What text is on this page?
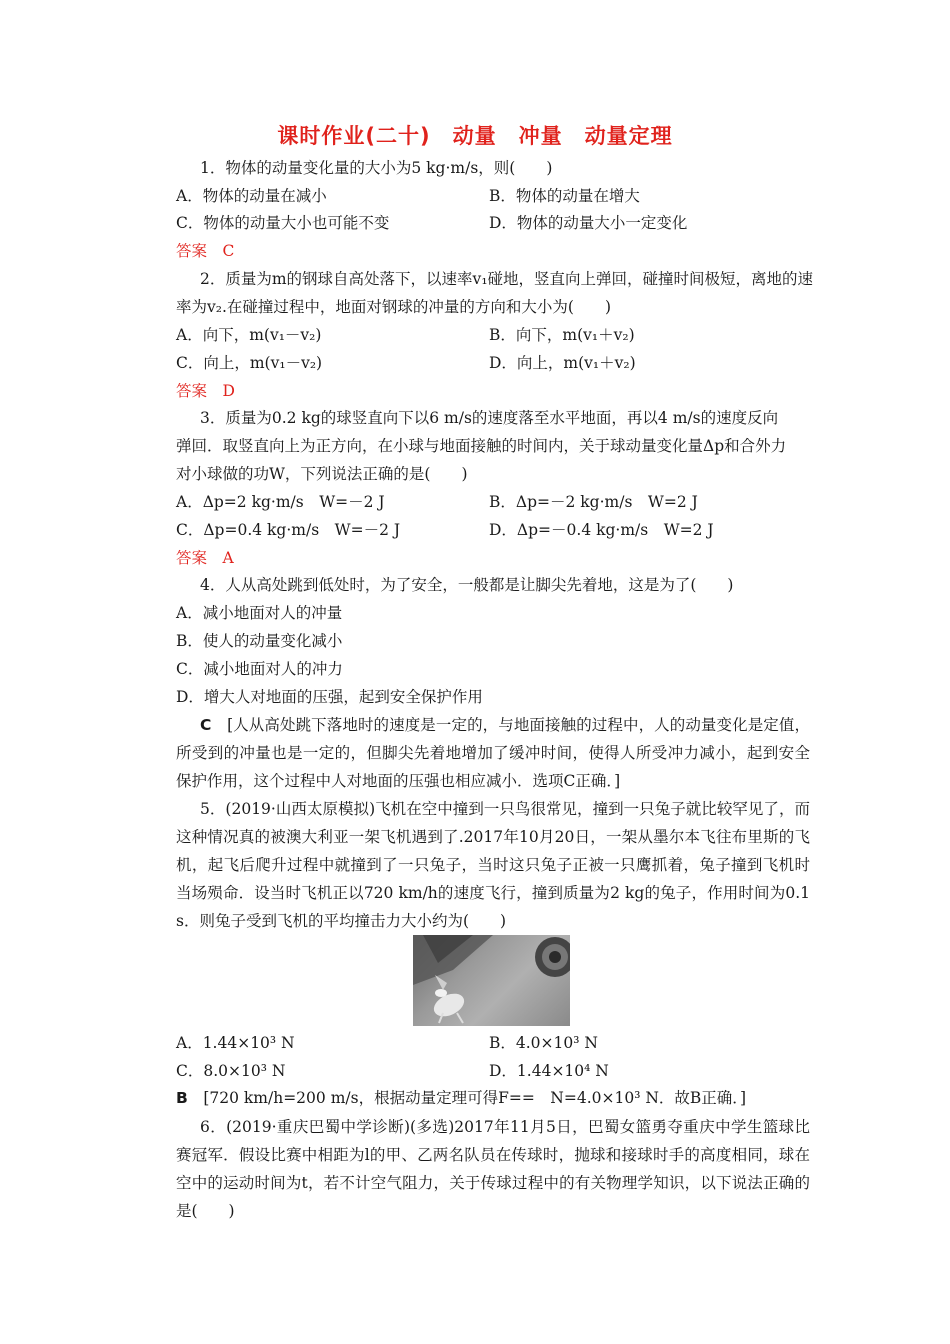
课时作业(二十)　动量　冲量　动量定理
1．物体的动量变化量的大小为5 kg·m/s，则(　　)
A．物体的动量在减小	B．物体的动量在增大
C．物体的动量大小也可能不变	D．物体的动量大小一定变化
答案　C
2．质量为m的钢球自高处落下，以速率v₁碰地，竖直向上弹回，碰撞时间极短，离地的速
率为v₂.在碰撞过程中，地面对钢球的冲量的方向和大小为(　　)
A．向下，m(v₁－v₂)	B．向下，m(v₁＋v₂)
C．向上，m(v₁－v₂)	D．向上，m(v₁＋v₂)
答案　D
3．质量为0.2 kg的球竖直向下以6 m/s的速度落至水平地面，再以4 m/s的速度反向
弹回．取竖直向上为正方向，在小球与地面接触的时间内，关于球动量变化量Δp和合外力
对小球做的功W，下列说法正确的是(　　)
A．Δp=2 kg·m/s　W=－2 J	B．Δp=－2 kg·m/s　W=2 J
C．Δp=0.4 kg·m/s　W=－2 J	D．Δp=－0.4 kg·m/s　W=2 J
答案　A
4．人从高处跳到低处时，为了安全，一般都是让脚尖先着地，这是为了(　　)
A．减小地面对人的冲量
B．使人的动量变化减小
C．减小地面对人的冲力
D．增大人对地面的压强，起到安全保护作用
C　 [人从高处跳下落地时的速度是一定的，与地面接触的过程中，人的动量变化是定值，所受到的冲量也是一定的，但脚尖先着地增加了缓冲时间，使得人所受冲力减小，起到安全保护作用，这个过程中人对地面的压强也相应减小．选项C正确．]
5．(2019·山西太原模拟)飞机在空中撞到一只鸟很常见，撞到一只兔子就比较罕见了，而这种情况真的被澳大利亚一架飞机遇到了.2017年10月20日，一架从墨尔本飞往布里斯的飞机，起飞后爬升过程中就撞到了一只兔子，当时这只兔子正被一只鹰抓着，兔子撞到飞机时当场殒命．设当时飞机正以720 km/h的速度飞行，撞到质量为2 kg的兔子，作用时间为0.1 s．则兔子受到飞机的平均撞击力大小约为(　　)
A．1.44×10³ N	B．4.0×10³ N
C．8.0×10³ N	D．1.44×10⁴ N
B　 [720 km/h=200 m/s，根据动量定理可得F==　N=4.0×10³ N．故B正确．]
6．(2019·重庆巴蜀中学诊断)(多选)2017年11月5日，巴蜀女篮勇夺重庆中学生篮球比赛冠军．假设比赛中相距为l的甲、乙两名队员在传球时，抛球和接球时手的高度相同，球在空中的运动时间为t，若不计空气阻力，关于传球过程中的有关物理学知识，以下说法正确的是(　　)
